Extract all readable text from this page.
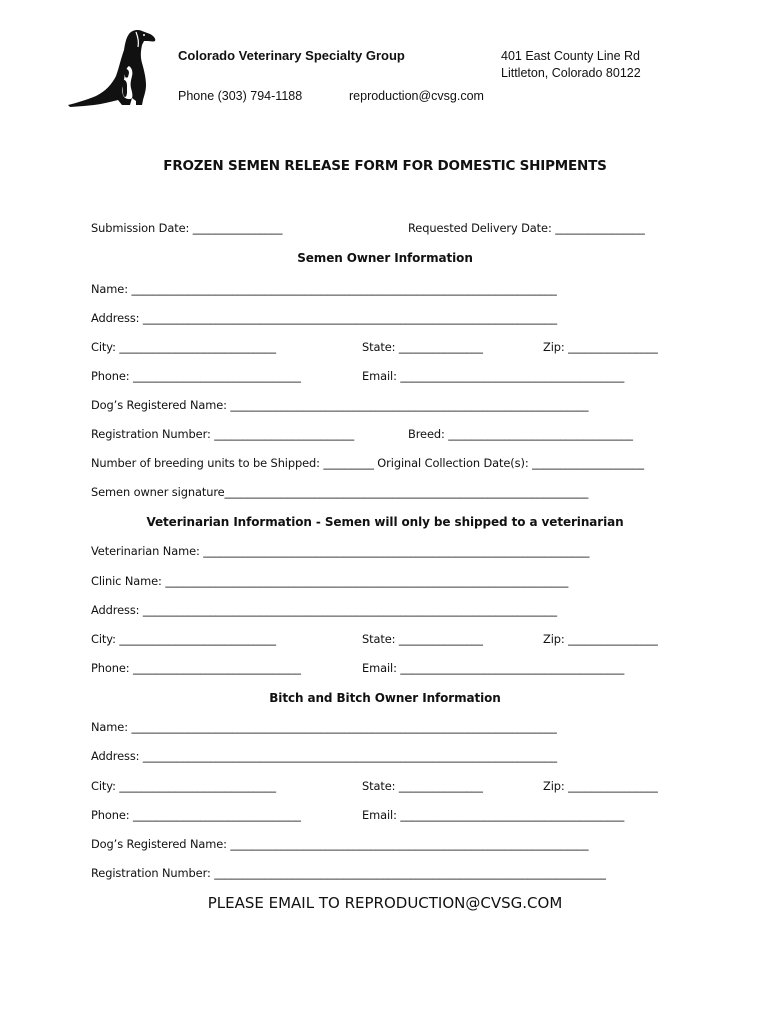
Colorado Veterinary Specialty Group	401 East County Line Rd
Littleton, Colorado 80122
Phone (303) 794-1188	reproduction@cvsg.com
FROZEN SEMEN RELEASE FORM FOR DOMESTIC SHIPMENTS
Submission Date: ________________	Requested Delivery Date: ________________
Semen Owner Information
Name: ____________________________________________________________________________
Address: __________________________________________________________________________
City: ____________________________	State: _______________	Zip: ________________
Phone: ______________________________	Email: ________________________________________
Dog’s Registered Name: ________________________________________________________________
Registration Number: _________________________	Breed: _________________________________
Number of breeding units to be Shipped: _________ Original Collection Date(s): ____________________
Semen owner signature_________________________________________________________________
Veterinarian Information - Semen will only be shipped to a veterinarian
Veterinarian Name: _____________________________________________________________________
Clinic Name: ________________________________________________________________________
Address: __________________________________________________________________________
City: ____________________________	State: _______________	Zip: ________________
Phone: ______________________________	Email: ________________________________________
Bitch and Bitch Owner Information
Name: ____________________________________________________________________________
Address: __________________________________________________________________________
City: ____________________________	State: _______________	Zip: ________________
Phone: ______________________________	Email: ________________________________________
Dog’s Registered Name: ________________________________________________________________
Registration Number: ______________________________________________________________________
PLEASE EMAIL TO REPRODUCTION@CVSG.COM
